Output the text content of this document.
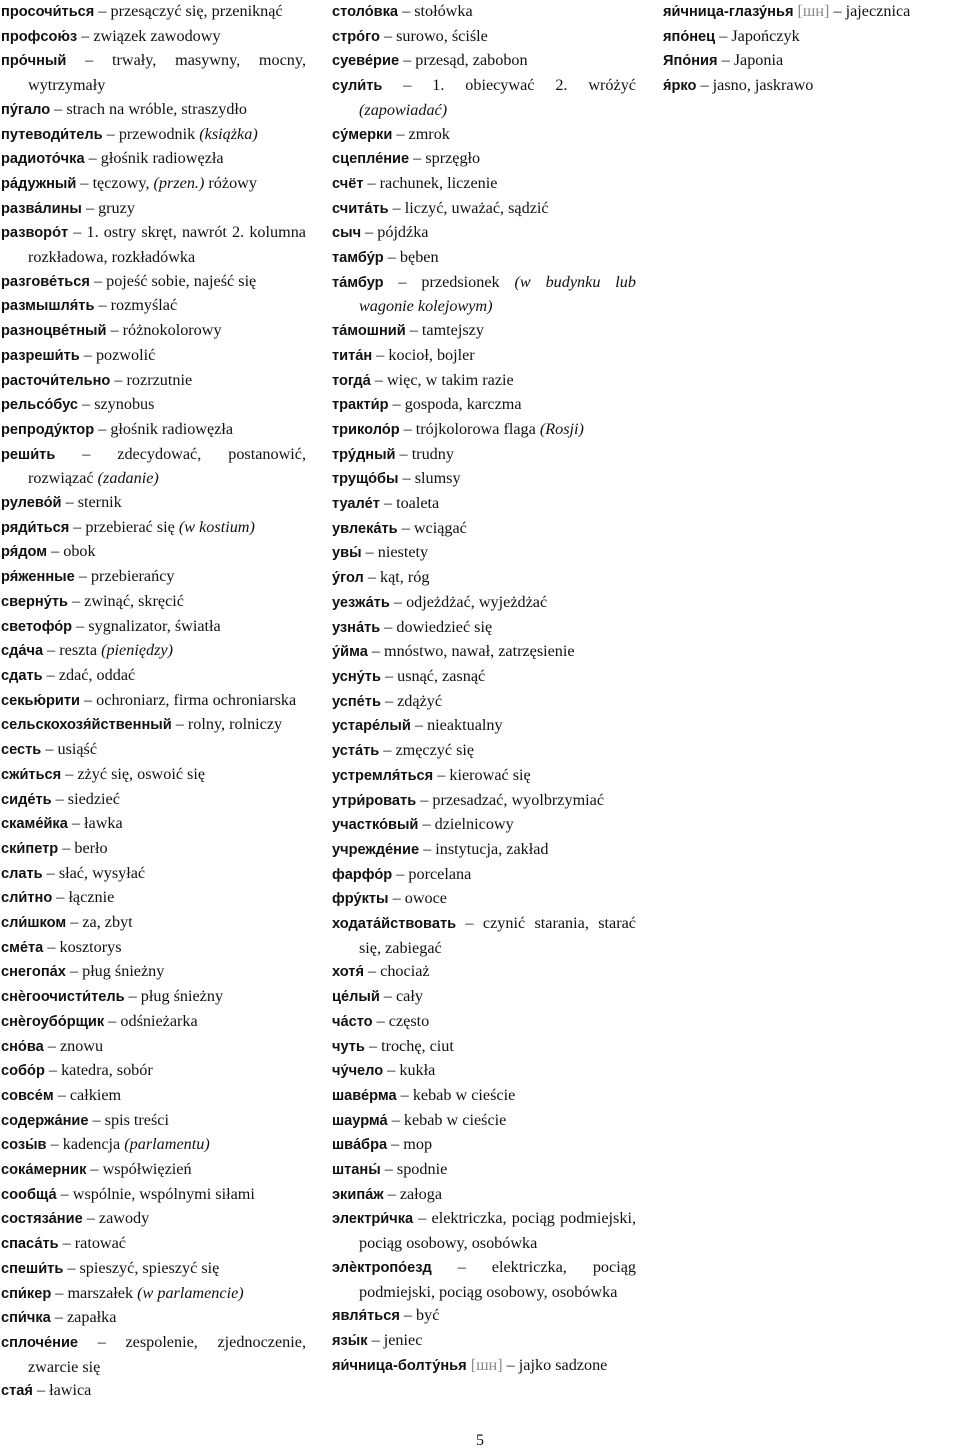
просочи́ться – przesączyć się, przeniknąć
профсою́з – związek zawodowy
про́чный – trwały, masywny, mocny, wytrzymały
пу́гало – strach na wróble, straszydło
путеводи́тель – przewodnik (książka)
радиото́чка – głośnik radiowęzła
ра́дужный – tęczowy, (przen.) różowy
разва́лины – gruzy
разворо́т – 1. ostry skręt, nawrót 2. kolumna rozkładowa, rozkładówka
разгове́ться – pojeść sobie, najeść się
размышля́ть – rozmyślać
разноцве́тный – różnokolorowy
разреши́ть – pozwolić
расточи́тельно – rozrzutnie
рельсо́бус – szynobus
репроду́ктор – głośnik radiowęzła
реши́ть – zdecydować, postanowić, rozwiązać (zadanie)
рулево́й – sternik
ряди́ться – przebierać się (w kostium)
ря́дом – obok
ря́женные – przebierańcy
сверну́ть – zwinąć, skręcić
светофо́р – sygnalizator, światła
сда́ча – reszta (pieniędzy)
сдать – zdać, oddać
секью́рити – ochroniarz, firma ochroniarska
сельскохозя́йственный – rolny, rolniczy
сесть – usiąść
сжи́ться – zżyć się, oswoić się
сиде́ть – siedzieć
скаме́йка – ławka
ски́петр – berło
слать – słać, wysyłać
сли́тно – łącznie
сли́шком – za, zbyt
сме́та – kosztorys
снегопа́х – pług śnieżny
снѐгоочисти́тель – pług śnieżny
снѐгоубо́рщик – odśnieżarka
сно́ва – znowu
собо́р – katedra, sobór
совсе́м – całkiem
содержа́ние – spis treści
созы́в – kadencja (parlamentu)
сока́мерник – współwięzień
сообща́ – wspólnie, wspólnymi siłami
состяза́ние – zawody
спаса́ть – ratować
спеши́ть – spieszyć, spieszyć się
спи́кер – marszałek (w parlamencie)
спи́чка – zapałka
сплоче́ние – zespolenie, zjednoczenie, zwarcie się
стая́ – ławica
столо́вка – stołówka
стро́го – surowo, ściśle
суеве́рие – przesąd, zabobon
сули́ть – 1. obiecywać 2. wróżyć (zapowiadać)
су́мерки – zmrok
сцепле́ние – sprzęgło
счёт – rachunek, liczenie
счита́ть – liczyć, uważać, sądzić
сыч – pójdźka
тамбу́р – bęben
та́мбур – przedsionek (w budynku lub wagonie kolejowym)
та́мошний – tamtejszy
тита́н – kocioł, bojler
тогда́ – więc, w takim razie
тракти́р – gospoda, karczma
триколо́р – trójkolorowa flaga (Rosji)
тру́дный – trudny
трущо́бы – slumsy
туале́т – toaleta
увлека́ть – wciągać
увы́ – niestety
у́гол – kąt, róg
уезжа́ть – odjeżdżać, wyjeżdżać
узна́ть – dowiedzieć się
у́йма – mnóstwo, nawał, zatrzęsienie
усну́ть – usnąć, zasnąć
успе́ть – zdążyć
устаре́лый – nieaktualny
уста́ть – zmęczyć się
устремля́ться – kierować się
утри́ровать – przesadzać, wyolbrzymiać
участко́вый – dzielnicowy
учрежде́ние – instytucja, zakład
фарфо́р – porcelana
фру́кты – owoce
ходата́йствовать – czynić starania, starać się, zabiegać
хотя́ – chociaż
це́лый – cały
ча́сто – często
чуть – trochę, ciut
чу́чело – kukła
шаве́рма – kebab w cieście
шаурма́ – kebab w cieście
шва́бра – mop
штаны́ – spodnie
экипа́ж – załoga
электри́чка – elektriczka, pociąg podmiejski, pociąg osobowy, osobówka
элѐктропо́езд – elektriczka, pociąg podmiejski, pociąg osobowy, osobówka
явля́ться – być
язы́к – jeniec
яи́чница-болту́нья [шн] – jajko sadzone
яи́чница-глазу́нья [шн] – jajecznica
япо́нец – Japończyk
Япо́ния – Japonia
я́рко – jasno, jaskrawo
5
